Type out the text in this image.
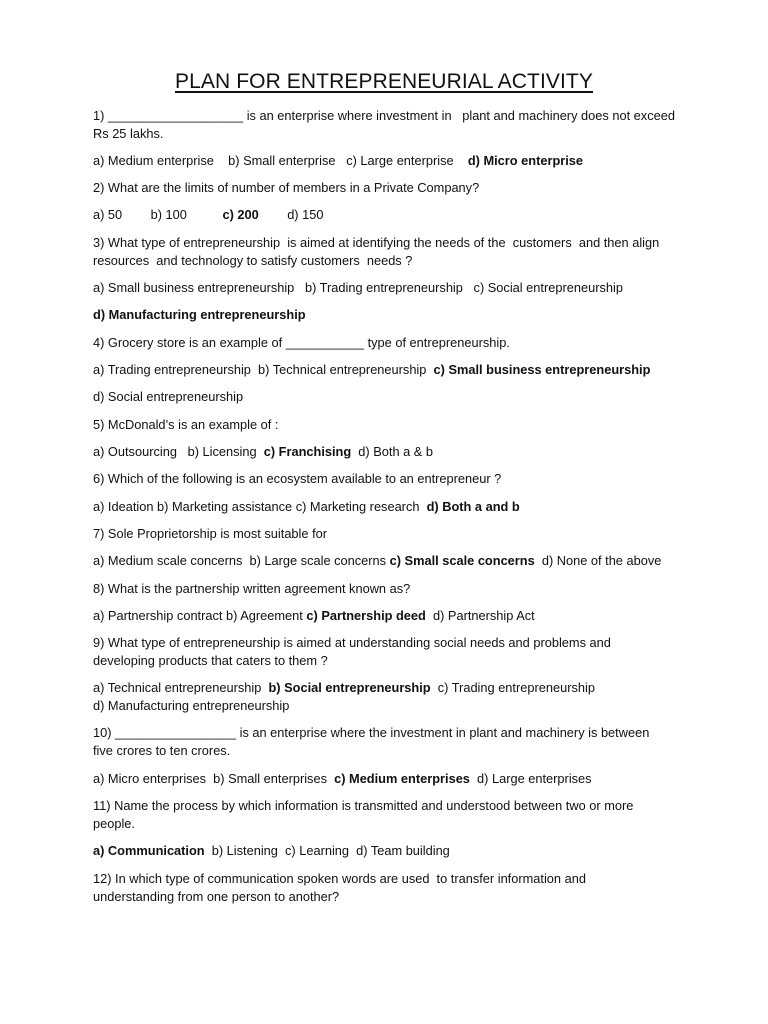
PLAN FOR ENTREPRENEURIAL ACTIVITY
1) ___________________ is an enterprise where investment in   plant and machinery does not exceed
Rs 25 lakhs.
a) Medium enterprise    b) Small enterprise   c) Large enterprise    d) Micro enterprise
2) What are the limits of number of members in a Private Company?
a) 50        b) 100          c) 200        d) 150
3) What type of entrepreneurship  is aimed at identifying the needs of the  customers  and then align
resources  and technology to satisfy customers  needs ?
a) Small business entrepreneurship   b) Trading entrepreneurship   c) Social entrepreneurship
d) Manufacturing entrepreneurship
4) Grocery store is an example of ___________ type of entrepreneurship.
a) Trading entrepreneurship  b) Technical entrepreneurship  c) Small business entrepreneurship
d) Social entrepreneurship
5) McDonald’s is an example of :
a) Outsourcing   b) Licensing  c) Franchising  d) Both a & b
6) Which of the following is an ecosystem available to an entrepreneur ?
a) Ideation b) Marketing assistance c) Marketing research  d) Both a and b
7) Sole Proprietorship is most suitable for
a) Medium scale concerns  b) Large scale concerns c) Small scale concerns  d) None of the above
8) What is the partnership written agreement known as?
a) Partnership contract b) Agreement c) Partnership deed  d) Partnership Act
9) What type of entrepreneurship is aimed at understanding social needs and problems and
developing products that caters to them ?
a) Technical entrepreneurship  b) Social entrepreneurship  c) Trading entrepreneurship
d) Manufacturing entrepreneurship
10) _________________ is an enterprise where the investment in plant and machinery is between
five crores to ten crores.
a) Micro enterprises  b) Small enterprises  c) Medium enterprises  d) Large enterprises
11) Name the process by which information is transmitted and understood between two or more
people.
a) Communication  b) Listening  c) Learning  d) Team building
12) In which type of communication spoken words are used  to transfer information and
understanding from one person to another?
